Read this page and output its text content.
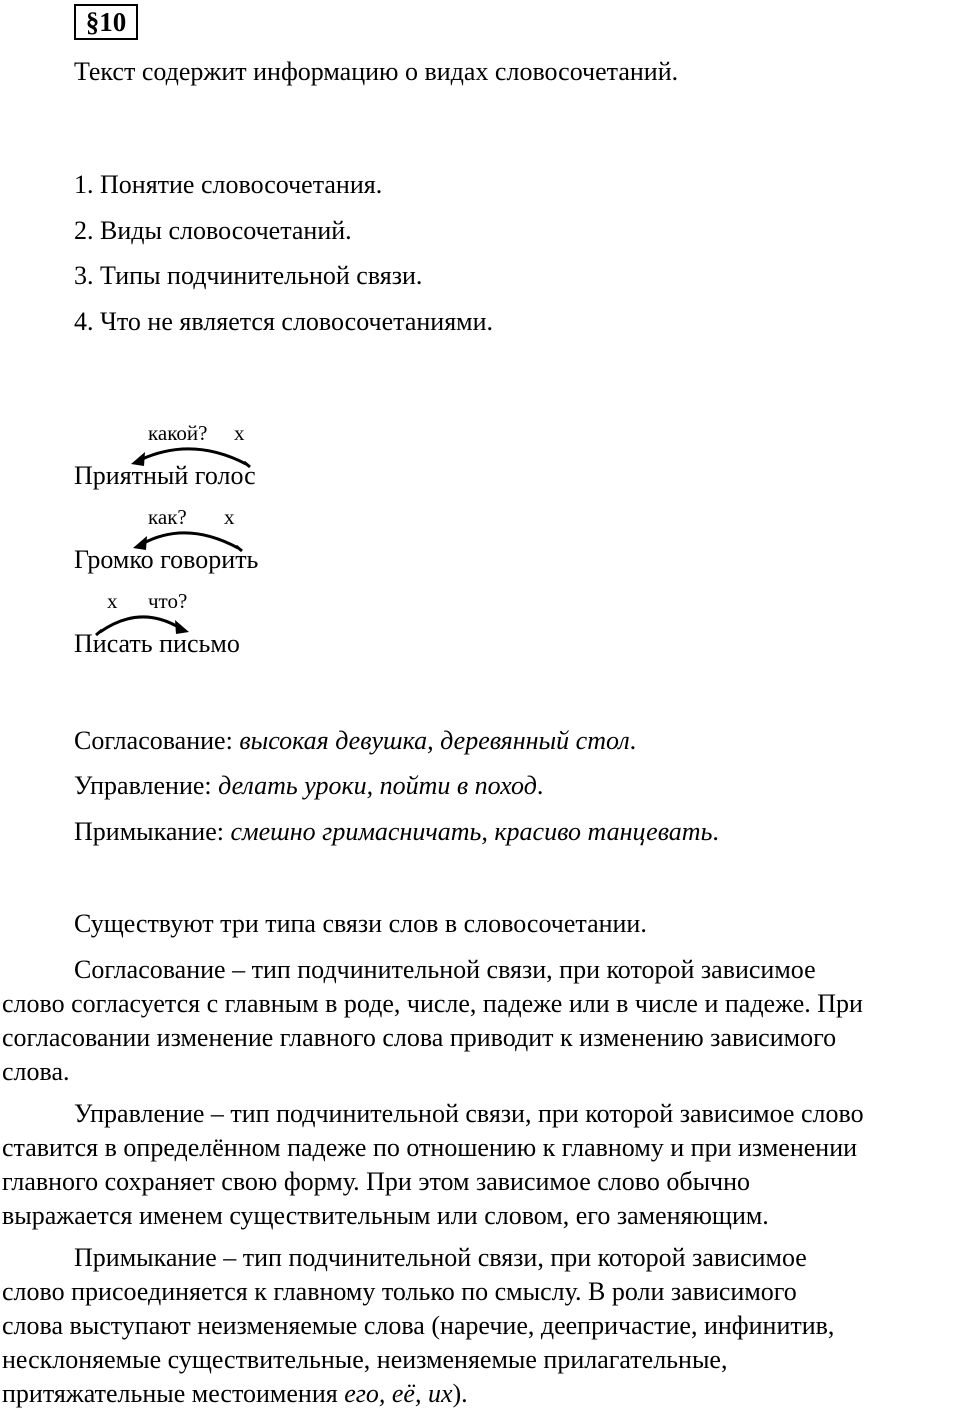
§10
Текст содержит информацию о видах словосочетаний.
1. Понятие словосочетания.
2. Виды словосочетаний.
3. Типы подчинительной связи.
4. Что не является словосочетаниями.
какой? x
Приятный голос
как? x
Громко говорить
x что?
Писать письмо
Согласование: высокая девушка, деревянный стол.
Управление: делать уроки, пойти в поход.
Примыкание: смешно гримасничать, красиво танцевать.
Существуют три типа связи слов в словосочетании.
Согласование – тип подчинительной связи, при которой зависимое
слово согласуется с главным в роде, числе, падеже или в числе и падеже. При
согласовании изменение главного слова приводит к изменению зависимого
слова.
Управление – тип подчинительной связи, при которой зависимое слово
ставится в определённом падеже по отношению к главному и при изменении
главного сохраняет свою форму. При этом зависимое слово обычно
выражается именем существительным или словом, его заменяющим.
Примыкание – тип подчинительной связи, при которой зависимое
слово присоединяется к главному только по смыслу. В роли зависимого
слова выступают неизменяемые слова (наречие, деепричастие, инфинитив,
несклоняемые существительные, неизменяемые прилагательные,
притяжательные местоимения его, её, их).
